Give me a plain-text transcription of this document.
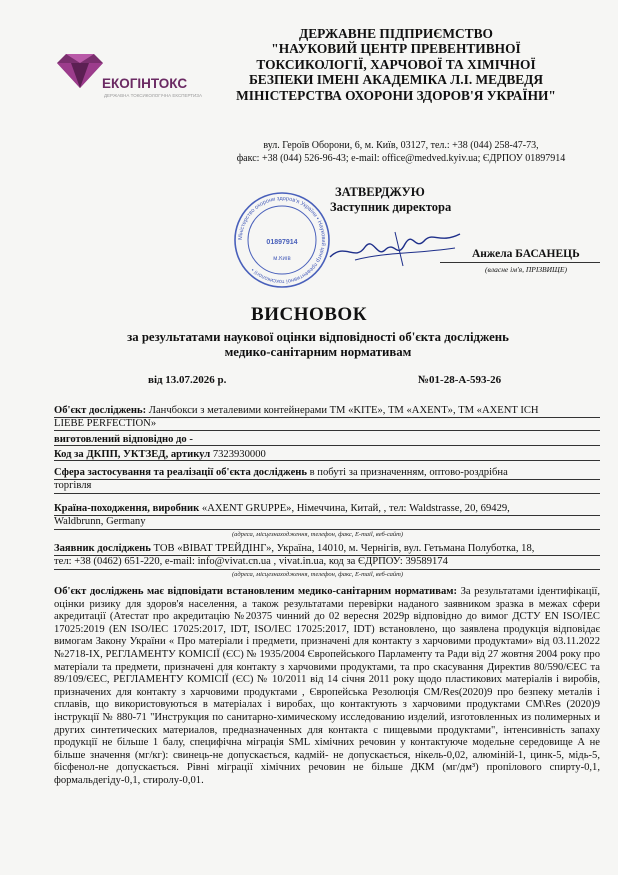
ЕКОГІНТОКС
ДЕРЖАВНА ТОКСИКОЛОГІЧНА ЕКСПЕРТИЗА
ДЕРЖАВНЕ ПІДПРИЄМСТВО
"НАУКОВИЙ ЦЕНТР ПРЕВЕНТИВНОЇ
ТОКСИКОЛОГІЇ, ХАРЧОВОЇ ТА ХІМІЧНОЇ
БЕЗПЕКИ ІМЕНІ АКАДЕМІКА Л.І. МЕДВЕДЯ
МІНІСТЕРСТВА ОХОРОНИ ЗДОРОВ'Я УКРАЇНИ"
вул. Героїв Оборони, 6, м. Київ, 03127, тел.: +38 (044) 258-47-73,
факс: +38 (044) 526-96-43; e-mail: office@medved.kyiv.ua; ЄДРПОУ 01897914
Міністерство охорони здоров'я України • Науковий центр превентивної токсикології •
01897914
м.Київ
ЗАТВЕРДЖУЮ
Заступник директора
Анжела БАСАНЕЦЬ
(власне ім'я, ПРІЗВИЩЕ)
ВИСНОВОК
за результатами наукової оцінки відповідності об'єкта досліджень
медико-санітарним нормативам
від 13.07.2026 р.	№01-28-А-593-26
Об'єкт досліджень: Ланчбокси з металевими контейнерами ТМ «KITE», ТМ «AXENT», ТМ «AXENT ICH
LIEBE PERFECTION»
виготовлений відповідно до -
Код за ДКПП, УКТЗЕД, артикул 7323930000
Сфера застосування та реалізації об'єкта досліджень в побуті за призначенням, оптово-роздрібна
торгівля
Країна-походження, виробник «AXENT GRUPPE», Німеччина, Китай, , тел: Waldstrasse, 20, 69429,
Waldbrunn, Germany
(адреса, місцезнаходження, телефон, факс, E-mail, веб-сайт)
Заявник досліджень ТОВ «ВІВАТ ТРЕЙДІНГ», Україна, 14010, м. Чернігів, вул. Гетьмана Полуботка, 18,
тел: +38 (0462) 651-220, e-mail: info@vivat.cn.ua , vivat.in.ua, код за ЄДРПОУ: 39589174
(адреса, місцезнаходження, телефон, факс, E-mail, веб-сайт)
Об'єкт досліджень має відповідати встановленим медико-санітарним нормативам: За результатами ідентифікації, оцінки ризику для здоров'я населення, а також результатами перевірки наданого заявником зразка в межах сфери акредитації (Атестат про акредитацію №20375 чинний до 02 вересня 2029р відповідно до вимог ДСТУ EN ISO/IEC 17025:2019 (EN ISO/IEC 17025:2017, IDT, ISO/IEC 17025:2017, IDT) встановлено, що заявлена продукція відповідає вимогам Закону України « Про матеріали і предмети, призначені для контакту з харчовими продуктами» від 03.11.2022 №2718-IX, РЕГЛАМЕНТУ КОМІСІЇ (ЄС) № 1935/2004 Європейського Парламенту та Ради від 27 жовтня 2004 року про матеріали та предмети, призначені для контакту з харчовими продуктами, та про скасування Директив 80/590/ЄЕС та 89/109/ЄЕС, РЕГЛАМЕНТУ КОМІСІЇ (ЄС) № 10/2011 від 14 січня 2011 року щодо пластикових матеріалів і виробів, призначених для контакту з харчовими продуктами , Європейська Резолюція CM/Res(2020)9 про безпеку металів і сплавів, що використовуються в матеріалах і виробах, що контактують з харчовими продуктами CM\Res (2020)9 інструкції № 880-71 "Инструкция по санитарно-химическому исследованию изделий, изготовленных из полимерных и других синтетических материалов, предназначенных для контакта с пищевыми продуктами", інтенсивність запаху продукції не більше 1 балу, специфічна міграція SML хімічних речовин у контактуюче модельне середовище А не більше значення (мг/кг): свинець-не допускається, кадмій- не допускається, нікель-0,02, алюміній-1, цинк-5, мідь-5, бісфенол-не допускається. Рівні міграції хімічних речовин не більше ДКМ (мг/дм³) пропілового спирту-0,1, формальдегіду-0,1, стиролу-0,01.
